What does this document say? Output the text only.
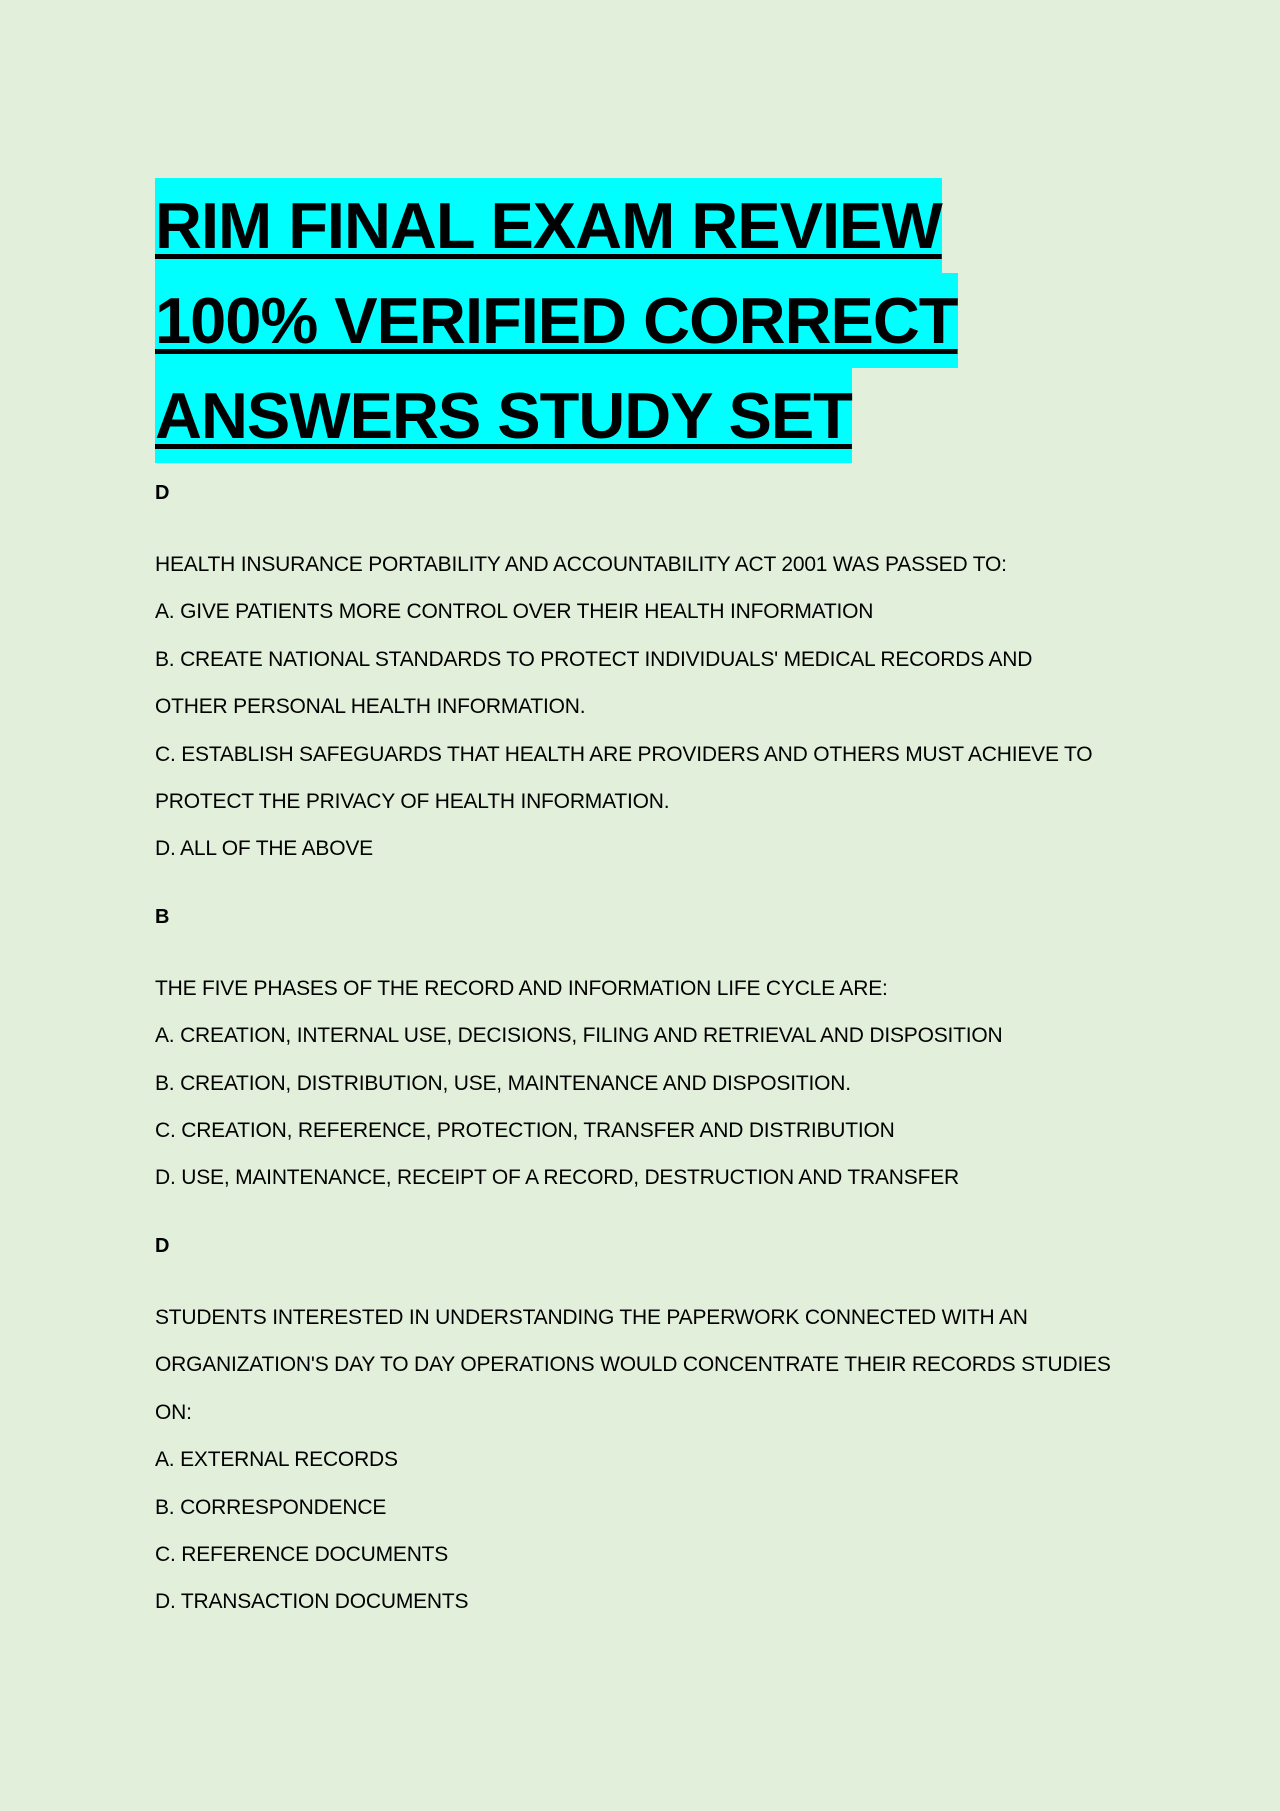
RIM FINAL EXAM REVIEW
100% VERIFIED CORRECT
ANSWERS STUDY SET
D
HEALTH INSURANCE PORTABILITY AND ACCOUNTABILITY ACT 2001 WAS PASSED TO:
A. GIVE PATIENTS MORE CONTROL OVER THEIR HEALTH INFORMATION
B. CREATE NATIONAL STANDARDS TO PROTECT INDIVIDUALS' MEDICAL RECORDS AND
OTHER PERSONAL HEALTH INFORMATION.
C. ESTABLISH SAFEGUARDS THAT HEALTH ARE PROVIDERS AND OTHERS MUST ACHIEVE TO
PROTECT THE PRIVACY OF HEALTH INFORMATION.
D. ALL OF THE ABOVE
B
THE FIVE PHASES OF THE RECORD AND INFORMATION LIFE CYCLE ARE:
A. CREATION, INTERNAL USE, DECISIONS, FILING AND RETRIEVAL AND DISPOSITION
B. CREATION, DISTRIBUTION, USE, MAINTENANCE AND DISPOSITION.
C. CREATION, REFERENCE, PROTECTION, TRANSFER AND DISTRIBUTION
D. USE, MAINTENANCE, RECEIPT OF A RECORD, DESTRUCTION AND TRANSFER
D
STUDENTS INTERESTED IN UNDERSTANDING THE PAPERWORK CONNECTED WITH AN
ORGANIZATION'S DAY TO DAY OPERATIONS WOULD CONCENTRATE THEIR RECORDS STUDIES
ON:
A. EXTERNAL RECORDS
B. CORRESPONDENCE
C. REFERENCE DOCUMENTS
D. TRANSACTION DOCUMENTS
